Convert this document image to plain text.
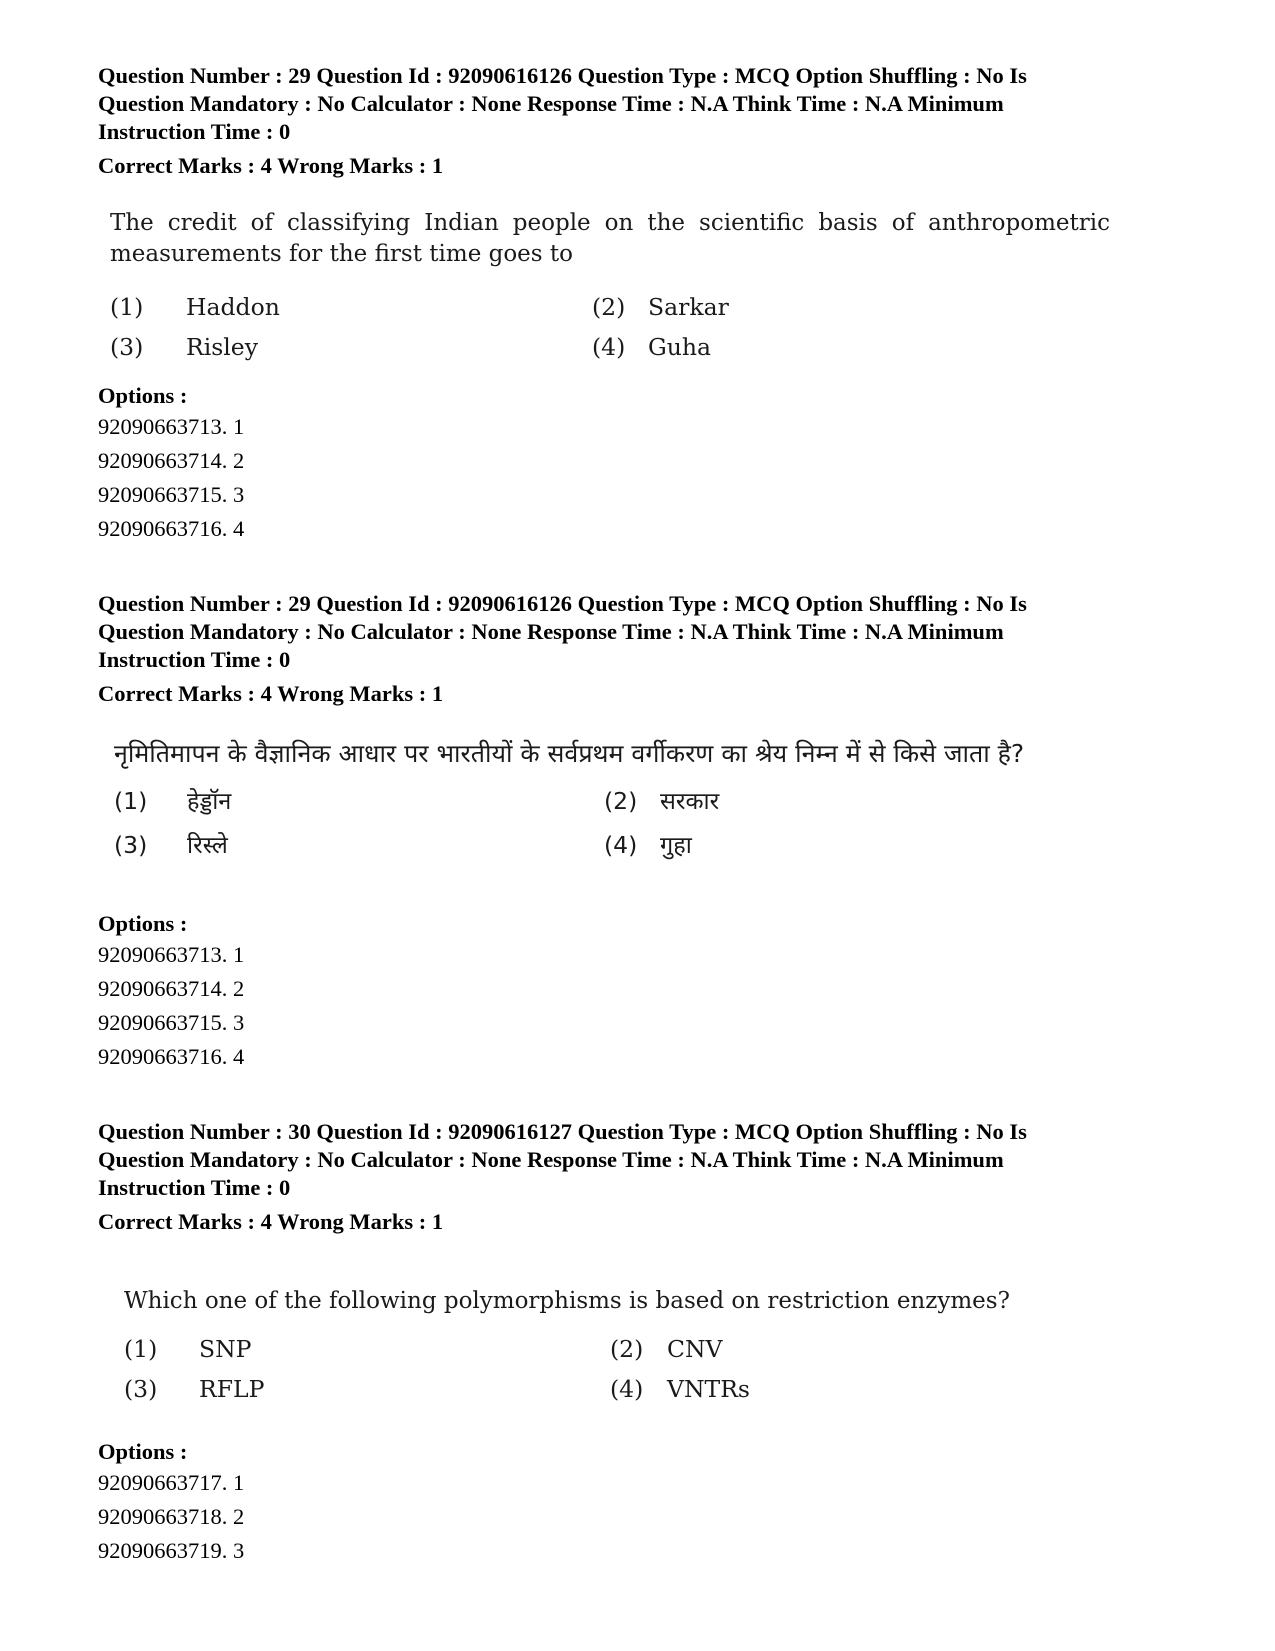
Question Number : 29 Question Id : 92090616126 Question Type : MCQ Option Shuffling : No Is
Question Mandatory : No Calculator : None Response Time : N.A Think Time : N.A Minimum
Instruction Time : 0
Correct Marks : 4 Wrong Marks : 1
The credit of classifying Indian people on the scientific basis of anthropometric measurements for the first time goes to
(1) Haddon	(2) Sarkar
(3) Risley	(4) Guha
Options :
92090663713. 1
92090663714. 2
92090663715. 3
92090663716. 4
Question Number : 29 Question Id : 92090616126 Question Type : MCQ Option Shuffling : No Is
Question Mandatory : No Calculator : None Response Time : N.A Think Time : N.A Minimum
Instruction Time : 0
Correct Marks : 4 Wrong Marks : 1
नृमितिमापन के वैज्ञानिक आधार पर भारतीयों के सर्वप्रथम वर्गीकरण का श्रेय निम्न में से किसे जाता है?
(1) हेड्डॉन	(2) सरकार
(3) रिस्ले	(4) गुहा
Options :
92090663713. 1
92090663714. 2
92090663715. 3
92090663716. 4
Question Number : 30 Question Id : 92090616127 Question Type : MCQ Option Shuffling : No Is
Question Mandatory : No Calculator : None Response Time : N.A Think Time : N.A Minimum
Instruction Time : 0
Correct Marks : 4 Wrong Marks : 1
Which one of the following polymorphisms is based on restriction enzymes?
(1) SNP	(2) CNV
(3) RFLP	(4) VNTRs
Options :
92090663717. 1
92090663718. 2
92090663719. 3
